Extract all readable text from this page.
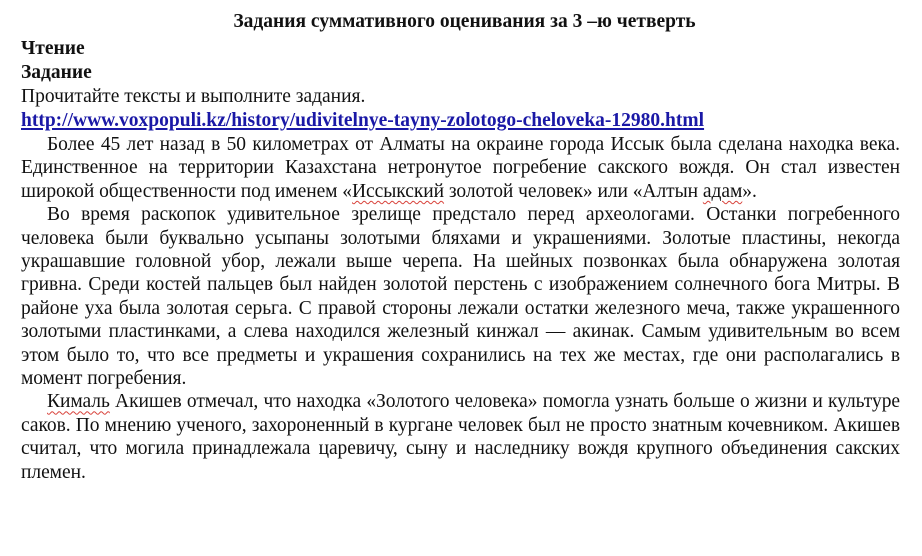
Задания суммативного оценивания за 3 –ю четверть
Чтение
Задание
Прочитайте тексты и выполните задания.
http://www.voxpopuli.kz/history/udivitelnye-tayny-zolotogo-cheloveka-12980.html

Более 45 лет назад в 50 километрах от Алматы на окраине города Иссык была сделана находка века. Единственное на территории Казахстана нетронутое погребение сакского вождя. Он стал известен широкой общественности под именем «Иссыкский золотой человек» или «Алтын адам».

Во время раскопок удивительное зрелище предстало перед археологами. Останки погребенного человека были буквально усыпаны золотыми бляхами и украшениями. Золотые пластины, некогда украшавшие головной убор, лежали выше черепа. На шейных позвонках была обнаружена золотая гривна. Среди костей пальцев был найден золотой перстень с изображением солнечного бога Митры. В районе уха была золотая серьга. С правой стороны лежали остатки железного меча, также украшенного золотыми пластинками, а слева находился железный кинжал — акинак. Самым удивительным во всем этом было то, что все предметы и украшения сохранились на тех же местах, где они располагались в момент погребения.

Кималь Акишев отмечал, что находка «Золотого человека» помогла узнать больше о жизни и культуре саков. По мнению ученого, захороненный в кургане человек был не просто знатным кочевником. Акишев считал, что могила принадлежала царевичу, сыну и наследнику вождя крупного объединения сакских племен.
